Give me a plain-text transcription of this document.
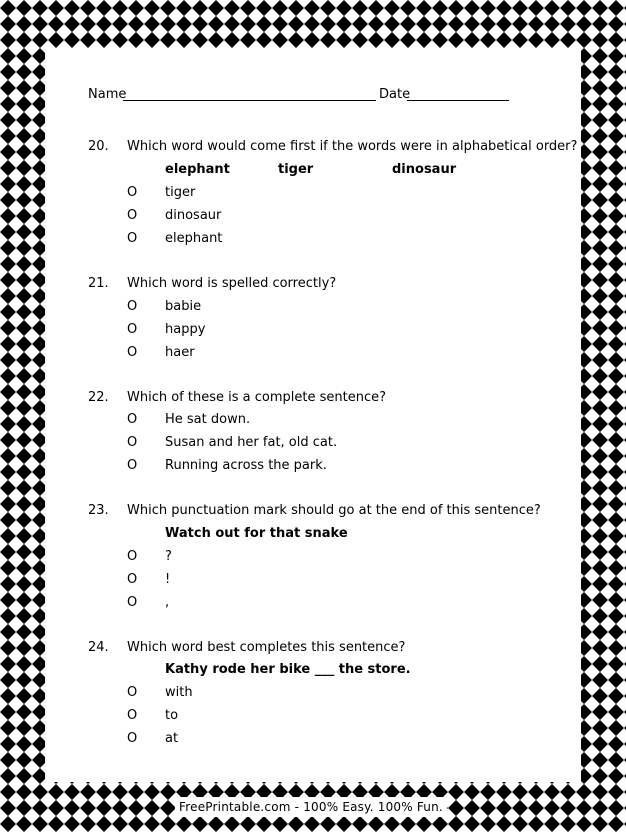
Name	Date
20. Which word would come first if the words were in alphabetical order?
elephant	tiger	dinosaur
O tiger
O dinosaur
O elephant
21. Which word is spelled correctly?
O babie
O happy
O haer
22. Which of these is a complete sentence?
O He sat down.
O Susan and her fat, old cat.
O Running across the park.
23. Which punctuation mark should go at the end of this sentence?
Watch out for that snake
O ?
O !
O ,
24. Which word best completes this sentence?
Kathy rode her bike ___ the store.
O with
O to
O at
FreePrintable.com - 100% Easy. 100% Fun.
